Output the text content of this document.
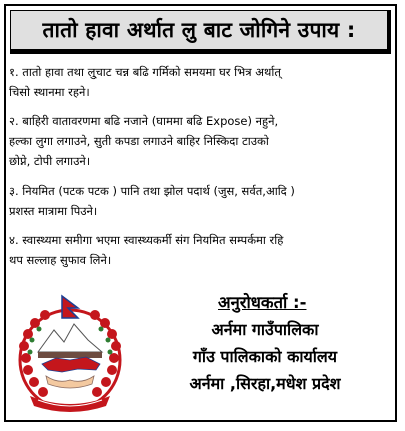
तातो हावा अर्थात लु बाट जोगिने उपाय :
१. तातो हावा तथा लु्चाट चन्न बढि गर्मिको समयमा घर भित्र अर्थात्
चिसो स्थानमा रहने।
२. बाहिरी वातावरणमा बढि नजाने (घाममा बढि Expose) नहुने,
हल्का लुगा लगाउने, सुती कपडा लगाउने बाहिर निस्किदा टाउको
छोप्ने, टोपी लगाउने।
३. नियमित (पटक पटक ) पानि तथा झोल पदार्थ (जुस, सर्वत,आदि )
प्रशस्त मात्रामा पिउने।
४. स्वास्थ्यमा समीगा भएमा स्वास्थ्यकर्मी संग नियमित सम्पर्कमा रहि
थप सल्लाह सुफाव लिने।
अनुरोधकर्ता :-
अर्नमा गाउँपालिका
गाँउ पालिकाको कार्यालय
अर्नमा ,सिरहा,मधेश प्रदेश
